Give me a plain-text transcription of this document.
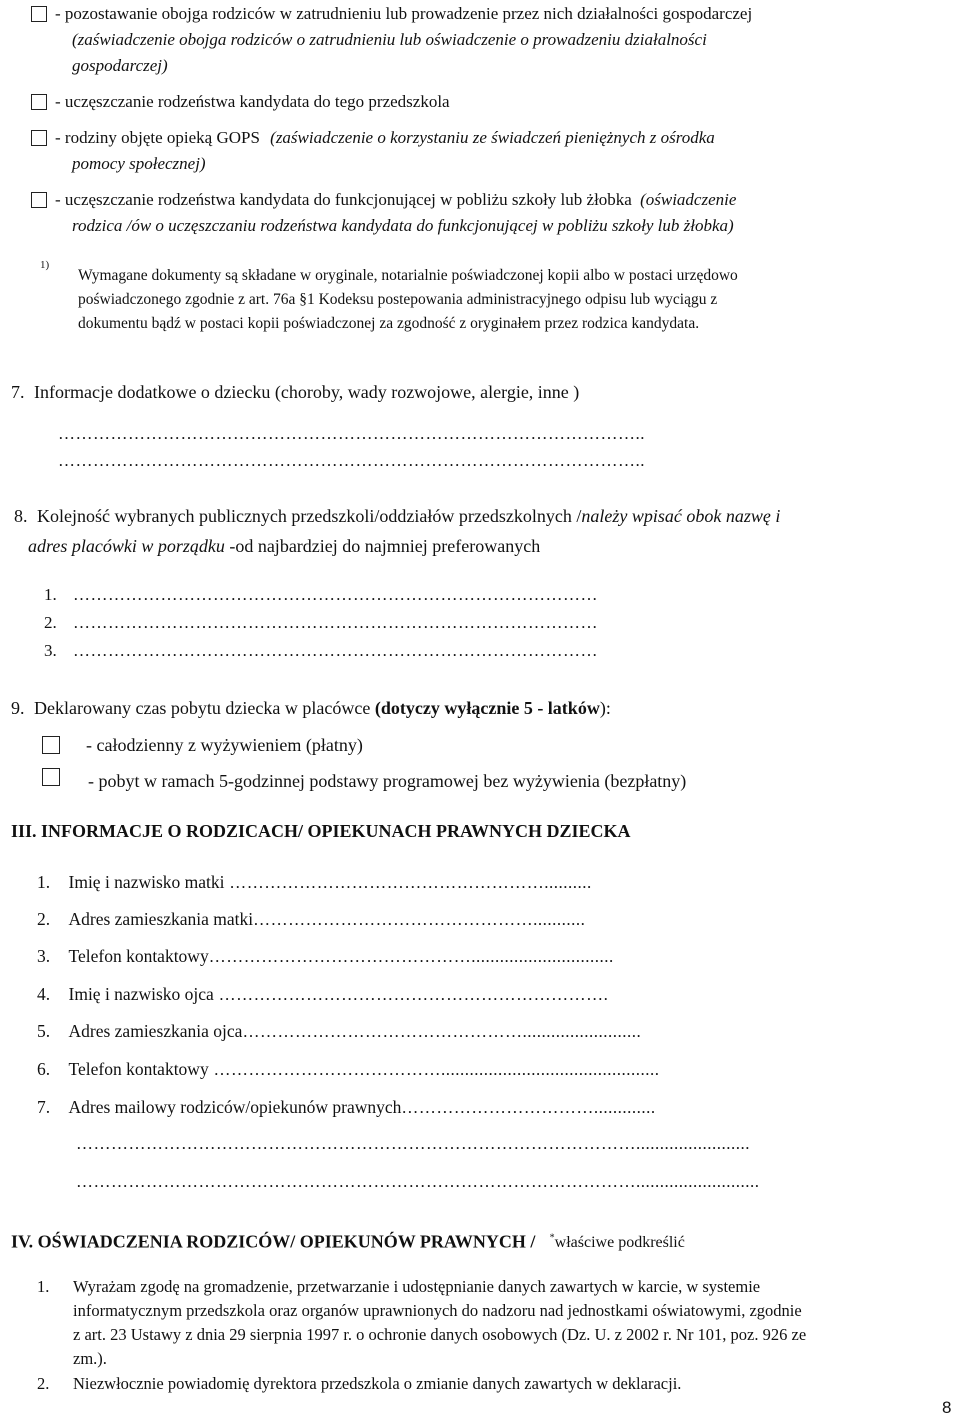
- pozostawanie obojga rodziców w zatrudnieniu lub prowadzenie przez nich działalności gospodarczej
(zaświadczenie obojga rodziców o zatrudnieniu lub oświadczenie o prowadzeniu działalności
gospodarczej)
- uczęszczanie rodzeństwa kandydata do tego przedszkola
- rodziny objęte opieką GOPS (zaświadczenie o korzystaniu ze świadczeń pieniężnych z ośrodka
pomocy społecznej)
- uczęszczanie rodzeństwa kandydata do funkcjonującej w pobliżu szkoły lub żłobka (oświadczenie
rodzica /ów o uczęszczaniu rodzeństwa kandydata do funkcjonującej w pobliżu szkoły lub żłobka)
1)
Wymagane dokumenty są składane w oryginale, notarialnie poświadczonej kopii albo w postaci urzędowo
poświadczonego zgodnie z art. 76a §1 Kodeksu postepowania administracyjnego odpisu lub wyciągu z
dokumentu bądź w postaci kopii poświadczonej za zgodność z oryginałem przez rodzica kandydata.
7. Informacje dodatkowe o dziecku (choroby, wady rozwojowe, alergie, inne )
………………………………………………………………………………………..
………………………………………………………………………………………..
8. Kolejność wybranych publicznych przedszkoli/oddziałów przedszkolnych /należy wpisać obok nazwę i
adres placówki w porządku -od najbardziej do najmniej preferowanych
1. ………………………………………………………………………………
2. ………………………………………………………………………………
3. ………………………………………………………………………………
9. Deklarowany czas pobytu dziecka w placówce (dotyczy wyłącznie 5 - latków):
- całodzienny z wyżywieniem (płatny)
- pobyt w ramach 5-godzinnej podstawy programowej bez wyżywienia (bezpłatny)
III. INFORMACJE O RODZICACH/ OPIEKUNACH PRAWNYCH DZIECKA
1. Imię i nazwisko matki ………………………………………………..........
2. Adres zamieszkania matki…………………………………………...........
3. Telefon kontaktowy………………………………………..............................
4. Imię i nazwisko ojca ………………………………………………………….
5. Adres zamieszkania ojca………………………………………….........................
6. Telefon kontaktowy …………………………………..............................................
7. Adres mailowy rodziców/opiekunów prawnych…………………………….............
……………………………………………………………………………………........................
……………………………………………………………………………………..........................
IV. OŚWIADCZENIA RODZICÓW/ OPIEKUNÓW PRAWNYCH / *właściwe podkreślić
1. Wyrażam zgodę na gromadzenie, przetwarzanie i udostępnianie danych zawartych w karcie, w systemie
informatycznym przedszkola oraz organów uprawnionych do nadzoru nad jednostkami oświatowymi, zgodnie
z art. 23 Ustawy z dnia 29 sierpnia 1997 r. o ochronie danych osobowych (Dz. U. z 2002 r. Nr 101, poz. 926 ze
zm.).
2. Niezwłocznie powiadomię dyrektora przedszkola o zmianie danych zawartych w deklaracji.
8
